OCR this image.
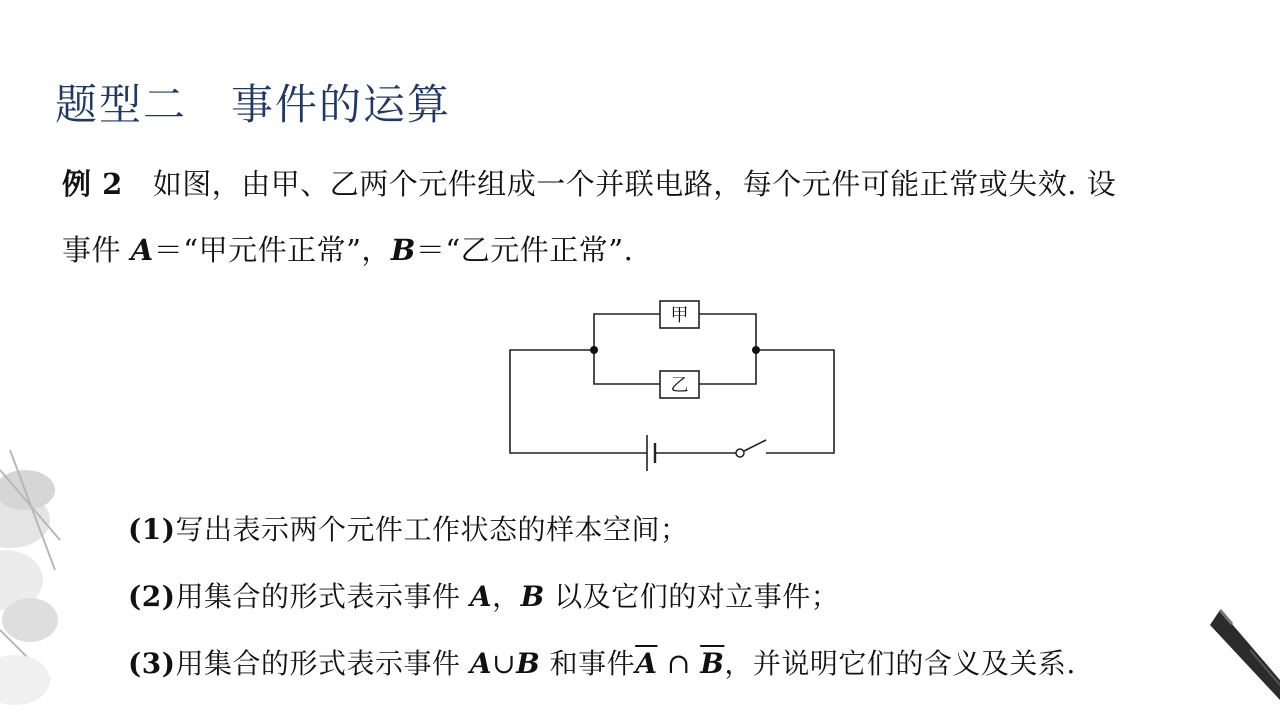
题型二 事件的运算
例 2 如图，由甲、乙两个元件组成一个并联电路，每个元件可能正常或失效. 设
事件 A＝“甲元件正常”，B＝“乙元件正常”.
甲
乙
(1)写出表示两个元件工作状态的样本空间；
(2)用集合的形式表示事件 A，B 以及它们的对立事件；
(3)用集合的形式表示事件 A∪B 和事件$\overline{A}$ ∩ $\overline{B}$，并说明它们的含义及关系.
